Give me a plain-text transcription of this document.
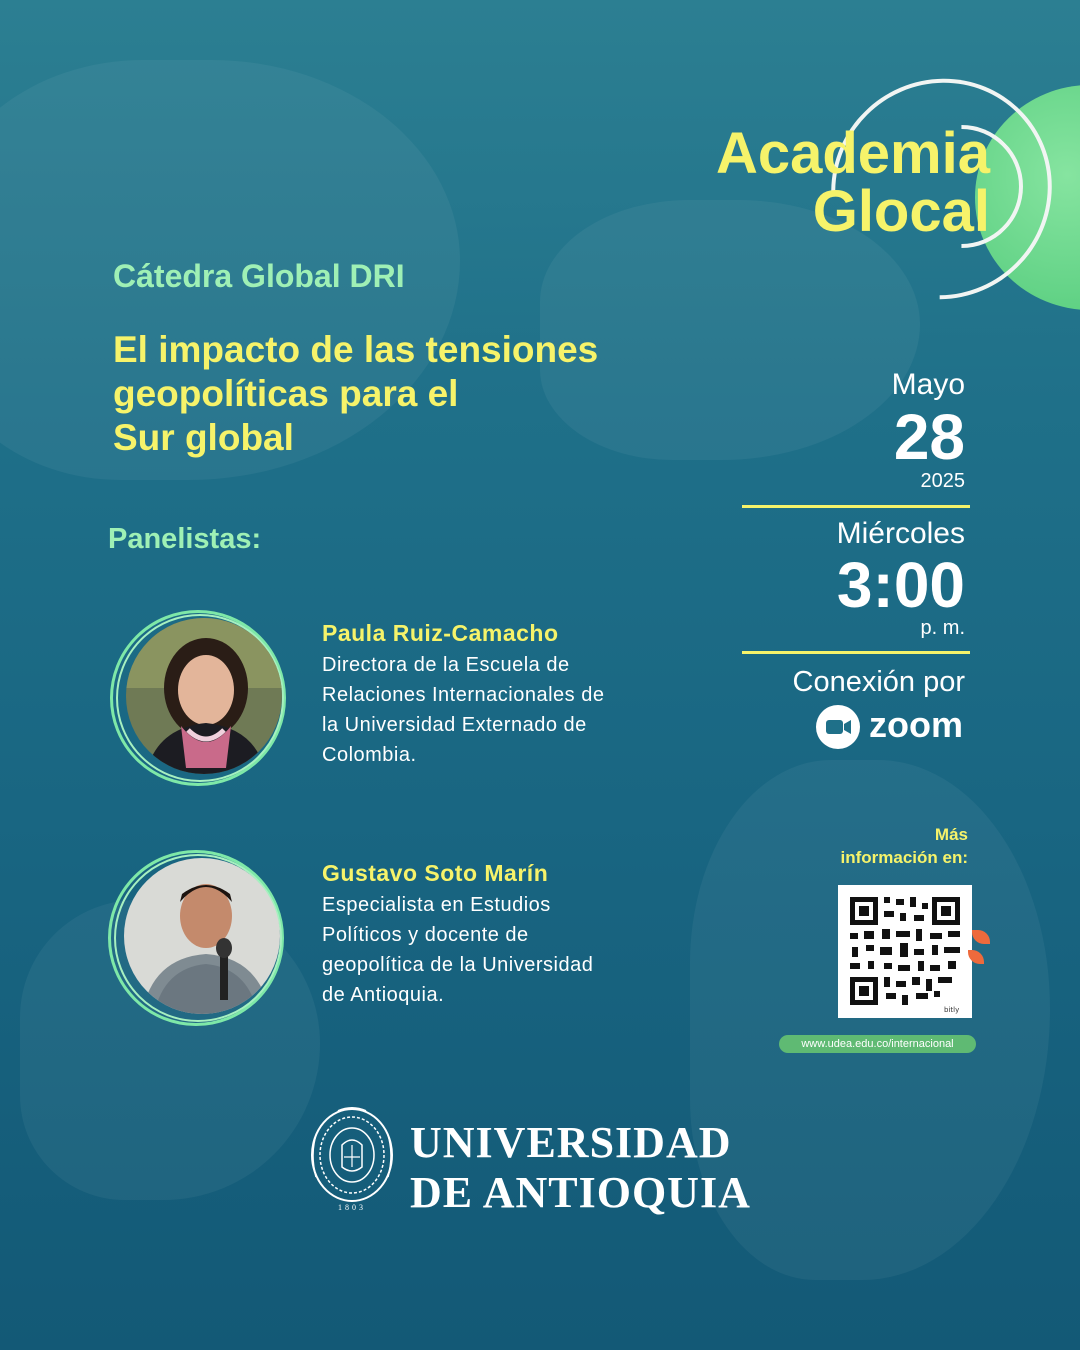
Academia
Glocal
Cátedra Global DRI
El impacto de las tensiones
geopolíticas para el
Sur global
Panelistas:
Paula Ruiz-Camacho
Directora de la Escuela de
Relaciones Internacionales de
la Universidad Externado de
Colombia.
Gustavo Soto Marín
Especialista en Estudios
Políticos y docente de
geopolítica de la Universidad
de Antioquia.
Mayo
28
2025
Miércoles
3:00
p. m.
Conexión por
zoom
Más
información en:
bitly
www.udea.edu.co/internacional
1803
UNIVERSIDAD
DE ANTIOQUIA
